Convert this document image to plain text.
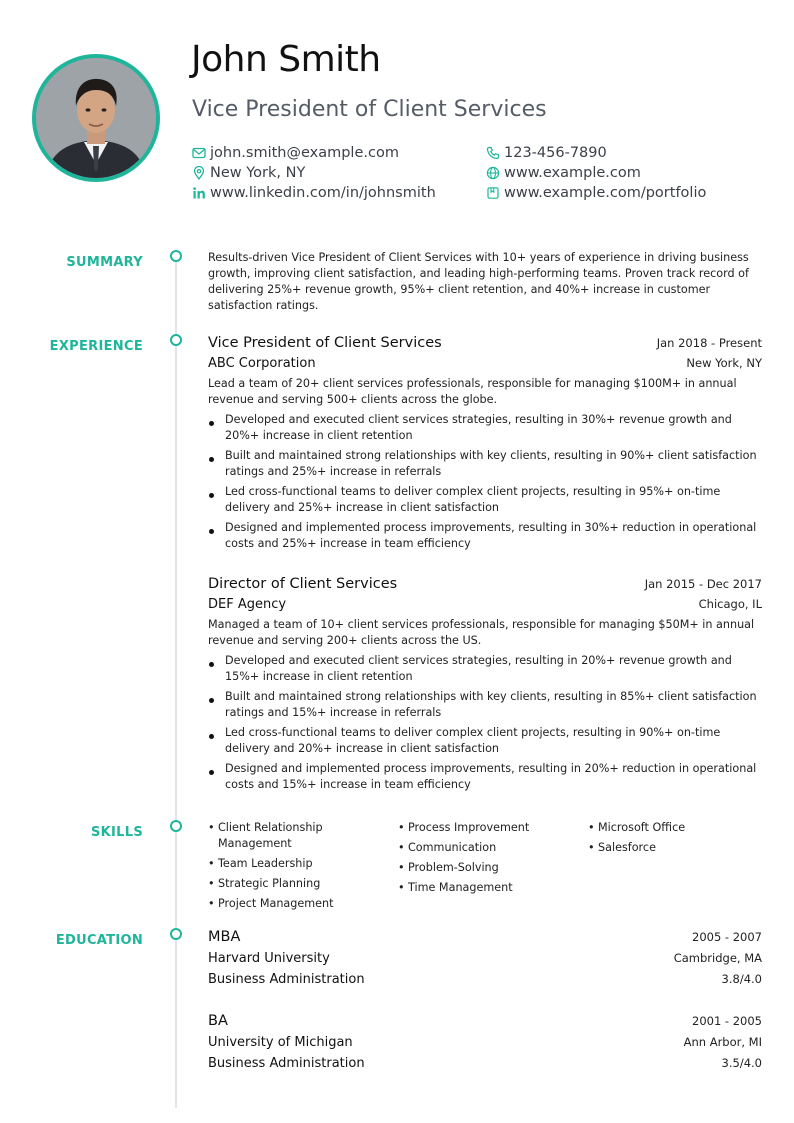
John Smith
Vice President of Client Services
john.smith@example.com
New York, NY
www.linkedin.com/in/johnsmith
123-456-7890
www.example.com
www.example.com/portfolio
SUMMARY
EXPERIENCE
SKILLS
EDUCATION
Results-driven Vice President of Client Services with 10+ years of experience in driving business growth, improving client satisfaction, and leading high-performing teams. Proven track record of delivering 25%+ revenue growth, 95%+ client retention, and 40%+ increase in customer satisfaction ratings.
Vice President of Client Services	Jan 2018 - Present
ABC Corporation	New York, NY
Lead a team of 20+ client services professionals, responsible for managing $100M+ in annual revenue and serving 500+ clients across the globe.
Developed and executed client services strategies, resulting in 30%+ revenue growth and 20%+ increase in client retention
Built and maintained strong relationships with key clients, resulting in 90%+ client satisfaction ratings and 25%+ increase in referrals
Led cross-functional teams to deliver complex client projects, resulting in 95%+ on-time delivery and 25%+ increase in client satisfaction
Designed and implemented process improvements, resulting in 30%+ reduction in operational costs and 25%+ increase in team efficiency
Director of Client Services	Jan 2015 - Dec 2017
DEF Agency	Chicago, IL
Managed a team of 10+ client services professionals, responsible for managing $50M+ in annual revenue and serving 200+ clients across the US.
Developed and executed client services strategies, resulting in 20%+ revenue growth and 15%+ increase in client retention
Built and maintained strong relationships with key clients, resulting in 85%+ client satisfaction ratings and 15%+ increase in referrals
Led cross-functional teams to deliver complex client projects, resulting in 90%+ on-time delivery and 20%+ increase in client satisfaction
Designed and implemented process improvements, resulting in 20%+ reduction in operational costs and 15%+ increase in team efficiency
• Client Relationship Management
• Team Leadership
• Strategic Planning
• Project Management
• Process Improvement
• Communication
• Problem-Solving
• Time Management
• Microsoft Office
• Salesforce
MBA	2005 - 2007
Harvard University	Cambridge, MA
Business Administration	3.8/4.0
BA	2001 - 2005
University of Michigan	Ann Arbor, MI
Business Administration	3.5/4.0
